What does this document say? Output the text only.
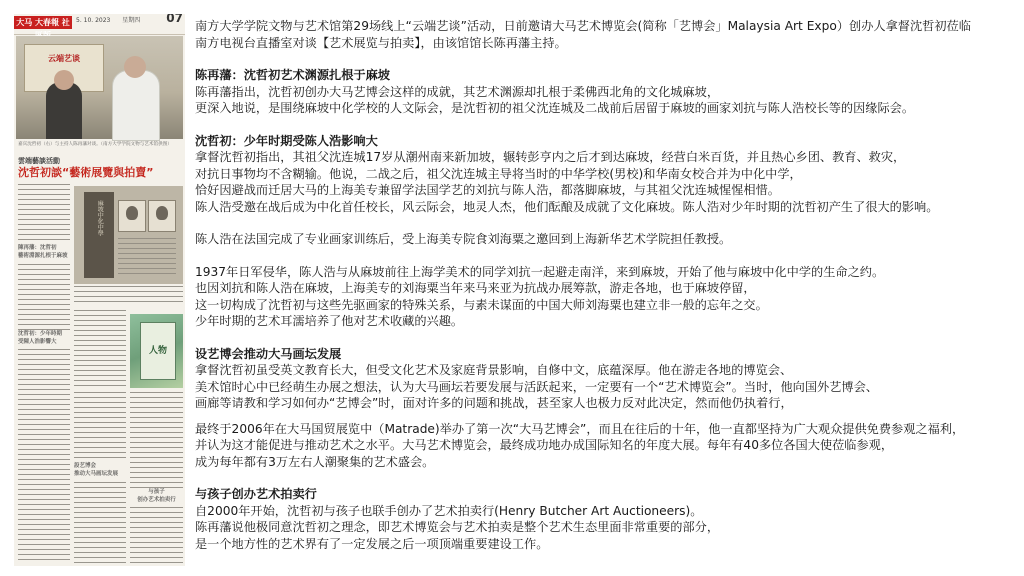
大马 大春報 社	5. 10. 2023 星期四 07
云端艺谈
嘉宾沈哲初（右）与主持人陈再藩对谈。（南方大学学院文物与艺术馆供图）
雲端藝談活動
沈哲初談“藝術展覽與拍賣”
陳再藩：沈哲初
藝術淵源扎根于麻坡
沈哲初：少年時期
受陳人浩影響大
麻坡中化中學
人物
設艺博会
推动大马画坛发展
与孩子
创办艺术拍卖行

南方大学学院文物与艺术馆第29场线上“云端艺谈”活动，日前邀请大马艺术博览会(简称「艺博会」Malaysia Art Expo）创办人拿督沈哲初莅临

南方电视台直播室对谈【艺术展览与拍卖】，由该馆馆长陈再藩主持。

陈再藩：沈哲初艺术渊源扎根于麻坡

陈再藩指出，沈哲初创办大马艺博会这样的成就，其艺术渊源却扎根于柔佛西北角的文化城麻坡，

更深入地说，是围绕麻坡中化学校的人文际会，是沈哲初的祖父沈连城及二战前后居留于麻坡的画家刘抗与陈人浩校长等的因缘际会。

沈哲初：少年时期受陈人浩影响大

拿督沈哲初指出，其祖父沈连城17岁从潮州南来新加坡，辗转彭亨内之后才到达麻坡，经营白米百货，并且热心乡团、教育、救灾，

对抗日事物均不含糊输。他说，二战之后，祖父沈连城主导将当时的中华学校(男校)和华南女校合并为中化中学，

恰好因避战而迁居大马的上海美专兼留学法国学艺的刘抗与陈人浩，都落脚麻坡，与其祖父沈连城惺惺相惜。

陈人浩受邀在战后成为中化首任校长，风云际会，地灵人杰，他们酝酿及成就了文化麻坡。陈人浩对少年时期的沈哲初产生了很大的影响。

陈人浩在法国完成了专业画家训练后，受上海美专院食刘海粟之邀回到上海新华艺术学院担任教授。

1937年日军侵华，陈人浩与从麻坡前往上海学美术的同学刘抗一起避走南洋，来到麻坡，开始了他与麻坡中化中学的生命之约。

也因刘抗和陈人浩在麻坡，上海美专的刘海粟当年来马来亚为抗战办展筹款，游走各地，也于麻坡停留，

这一切构成了沈哲初与这些先驱画家的特殊关系，与素未谋面的中国大师刘海粟也建立非一般的忘年之交。

少年时期的艺术耳濡培养了他对艺术收藏的兴趣。

设艺博会推动大马画坛发展

拿督沈哲初虽受英文教育长大，但受文化艺术及家庭背景影响，自修中文，底蕴深厚。他在游走各地的博览会、

美术馆时心中已经萌生办展之想法，认为大马画坛若要发展与活跃起来，一定要有一个“艺术博览会”。当时，他向国外艺博会、

画廊等请教和学习如何办“艺博会”时，面对许多的问题和挑战，甚至家人也极力反对此决定，然而他仍执着行，

最终于2006年在大马国贸展览中（Matrade)举办了第一次“大马艺博会”，而且在往后的十年，他一直都坚持为广大观众提供免费参观之福利，

并认为这才能促进与推动艺术之水平。大马艺术博览会，最终成功地办成国际知名的年度大展。每年有40多位各国大使莅临参观，

成为每年都有3万左右人潮聚集的艺术盛会。

与孩子创办艺术拍卖行

自2000年开始，沈哲初与孩子也联手创办了艺术拍卖行(Henry Butcher Art Auctioneers)。

陈再藩说他极同意沈哲初之理念，即艺术博览会与艺术拍卖是整个艺术生态里面非常重要的部分，

是一个地方性的艺术界有了一定发展之后一项顶端重要建设工作。
